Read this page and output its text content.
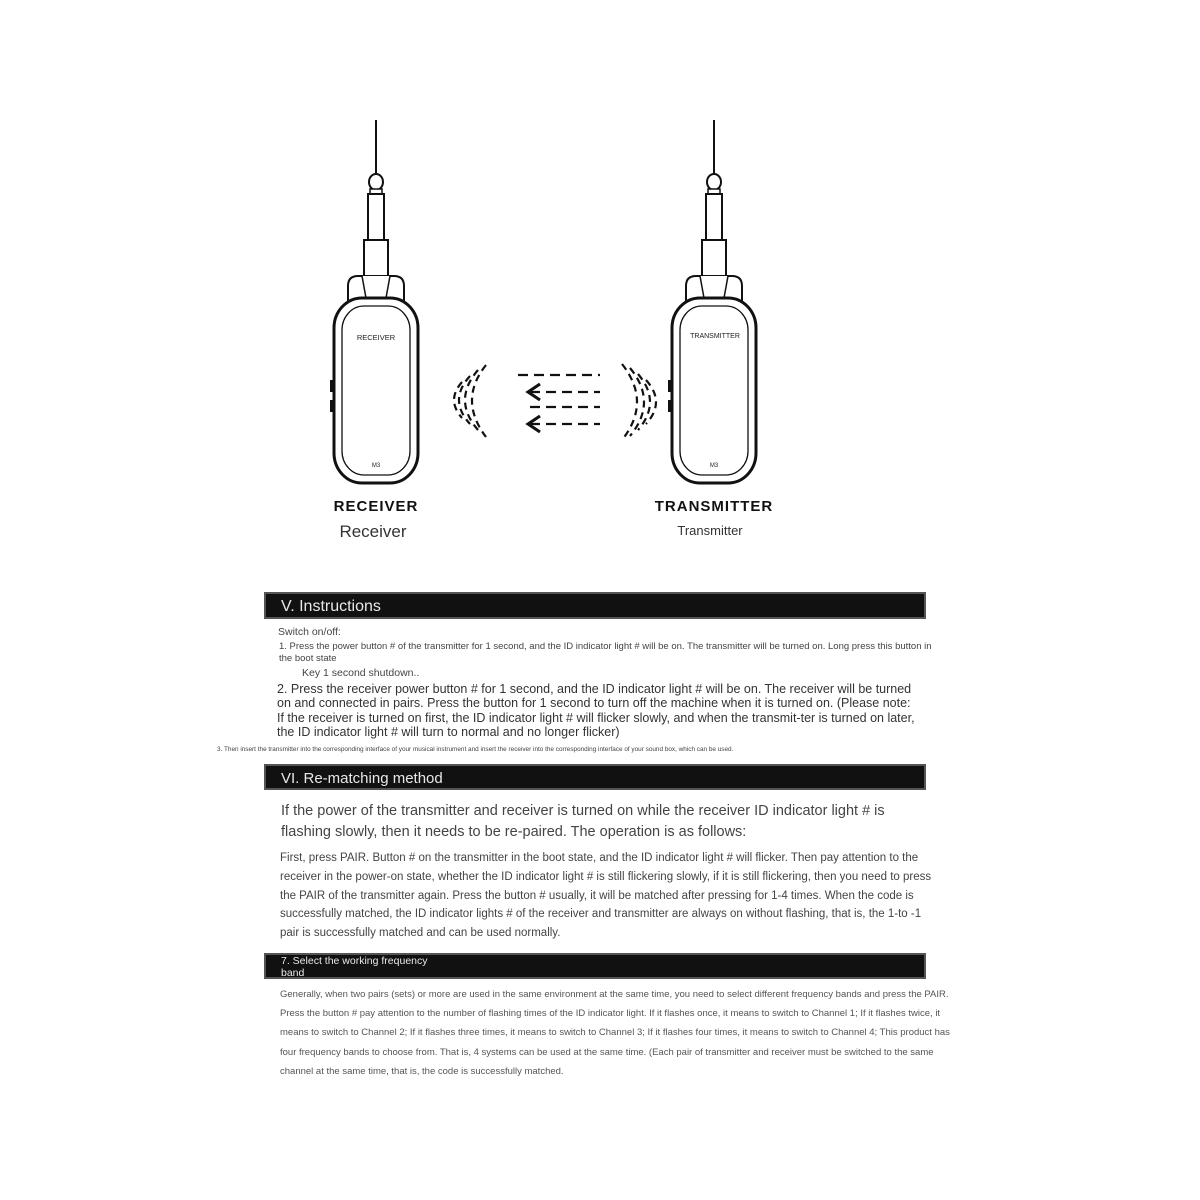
RECEIVER
M3
TRANSMITTER
M3
RECEIVER
Receiver
TRANSMITTER
Transmitter
V. Instructions
Switch on/off:
1. Press the power button # of the transmitter for 1 second, and the ID indicator light # will be on. The transmitter will be turned on. Long press this button in the boot state
Key 1 second shutdown..
2. Press the receiver power button # for 1 second, and the ID indicator light # will be on. The receiver will be turned on and connected in pairs. Press the button for 1 second to turn off the machine when it is turned on. (Please note: If the receiver is turned on first, the ID indicator light # will flicker slowly, and when the transmit-ter is turned on later, the ID indicator light # will turn to normal and no longer flicker)
3. Then insert the transmitter into the corresponding interface of your musical instrument and insert the receiver into the corresponding interface of your sound box, which can be used.
VI. Re-matching method
If the power of the transmitter and receiver is turned on while the receiver ID indicator light # is flashing slowly, then it needs to be re-paired. The operation is as follows:
First, press PAIR. Button # on the transmitter in the boot state, and the ID indicator light # will flicker. Then pay attention to the receiver in the power-on state, whether the ID indicator light # is still flickering slowly, if it is still flickering, then you need to press the PAIR of the transmitter again. Press the button # usually, it will be matched after pressing for 1-4 times. When the code is successfully matched, the ID indicator lights # of the receiver and transmitter are always on without flashing, that is, the 1-to -1 pair is successfully matched and can be used normally.
7. Select the working frequency band
Generally, when two pairs (sets) or more are used in the same environment at the same time, you need to select different frequency bands and press the PAIR. Press the button # pay attention to the number of flashing times of the ID indicator light. If it flashes once, it means to switch to Channel 1; If it flashes twice, it means to switch to Channel 2; If it flashes three times, it means to switch to Channel 3; If it flashes four times, it means to switch to Channel 4; This product has four frequency bands to choose from. That is, 4 systems can be used at the same time. (Each pair of transmitter and receiver must be switched to the same channel at the same time, that is, the code is successfully matched.
